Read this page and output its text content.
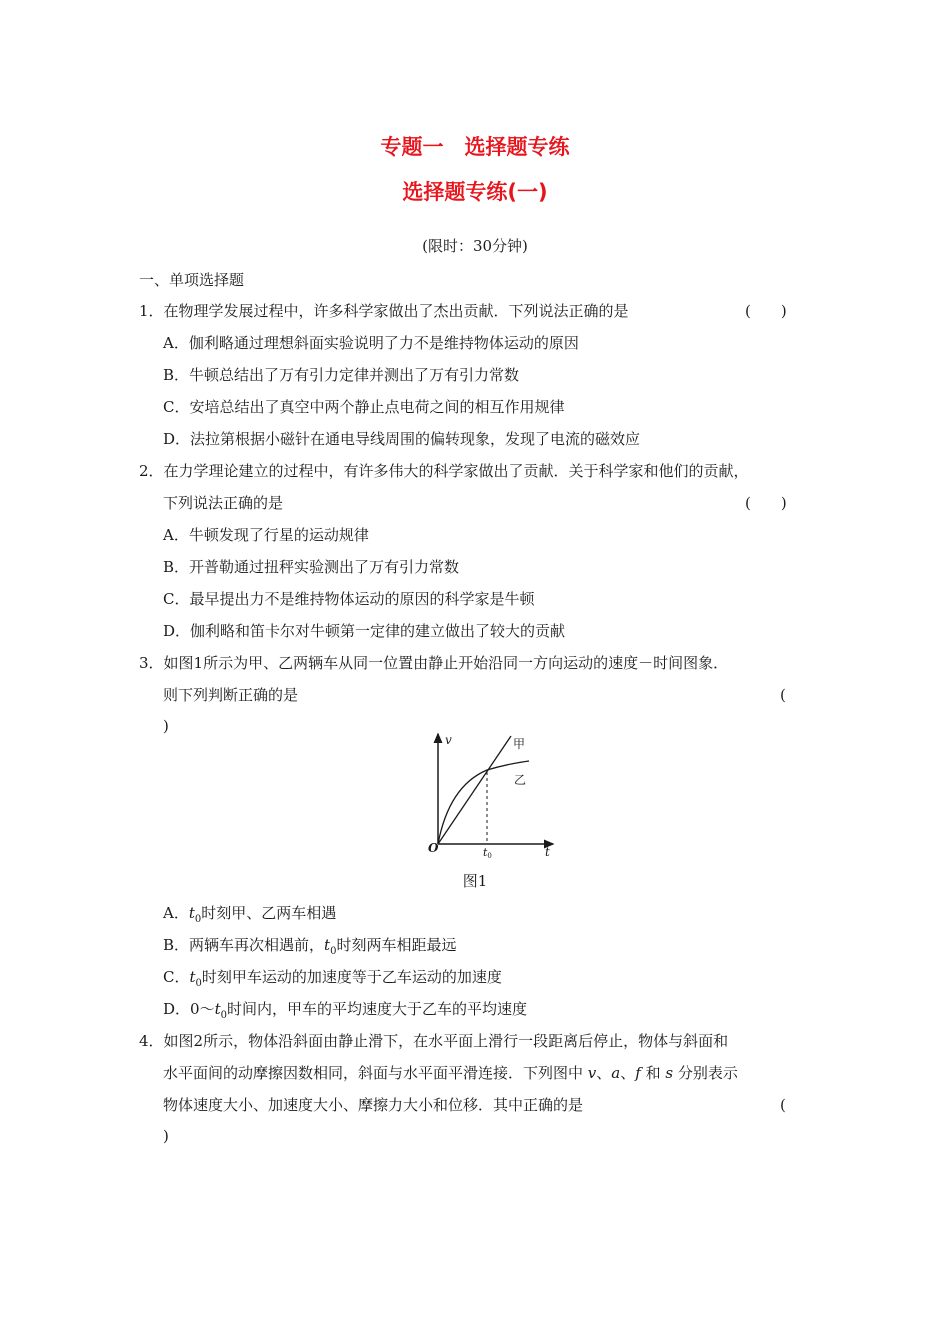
专题一　选择题专练
选择题专练(一)
(限时：30分钟)
一、单项选择题
1．在物理学发展过程中，许多科学家做出了杰出贡献．下列说法正确的是	(　　)
A．伽利略通过理想斜面实验说明了力不是维持物体运动的原因
B．牛顿总结出了万有引力定律并测出了万有引力常数
C．安培总结出了真空中两个静止点电荷之间的相互作用规律
D．法拉第根据小磁针在通电导线周围的偏转现象，发现了电流的磁效应
2．在力学理论建立的过程中，有许多伟大的科学家做出了贡献．关于科学家和他们的贡献，
下列说法正确的是	(　　)
A．牛顿发现了行星的运动规律
B．开普勒通过扭秤实验测出了万有引力常数
C．最早提出力不是维持物体运动的原因的科学家是牛顿
D．伽利略和笛卡尔对牛顿第一定律的建立做出了较大的贡献
3．如图1所示为甲、乙两辆车从同一位置由静止开始沿同一方向运动的速度－时间图象．
则下列判断正确的是	(
)
v	甲
乙
O	t0	t
图1
A．$t_0$时刻甲、乙两车相遇
B．两辆车再次相遇前，$t_0$时刻两车相距最远
C．$t_0$时刻甲车运动的加速度等于乙车运动的加速度
D．$0\sim t_0$时间内，甲车的平均速度大于乙车的平均速度
4．如图2所示，物体沿斜面由静止滑下，在水平面上滑行一段距离后停止，物体与斜面和
水平面间的动摩擦因数相同，斜面与水平面平滑连接．下列图中 v、a、f 和 s 分别表示
物体速度大小、加速度大小、摩擦力大小和位移．其中正确的是	(
)
